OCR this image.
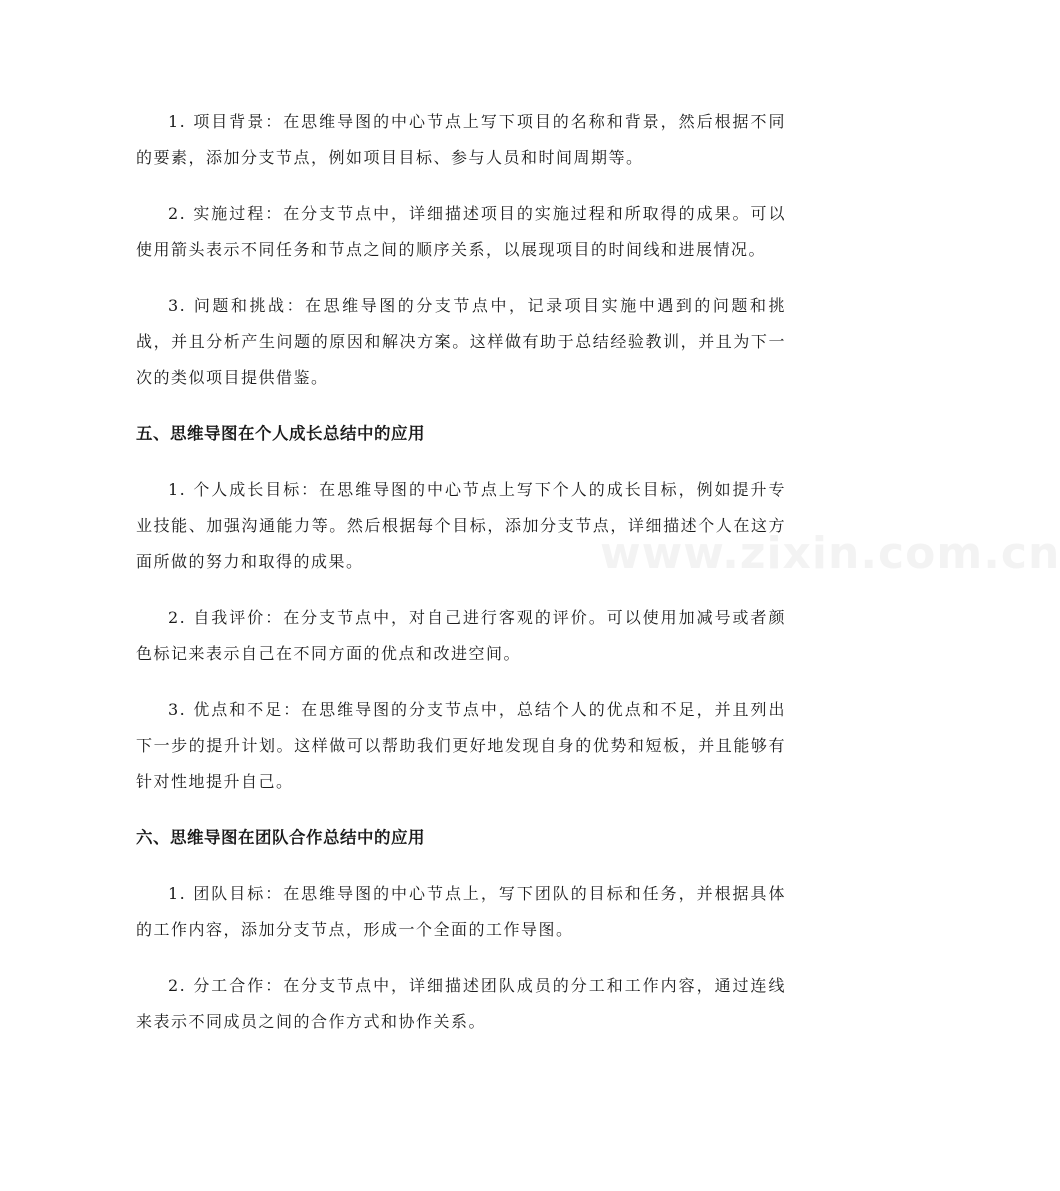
1. 项目背景：在思维导图的中心节点上写下项目的名称和背景，然后根据不同的要素，添加分支节点，例如项目目标、参与人员和时间周期等。

2. 实施过程：在分支节点中，详细描述项目的实施过程和所取得的成果。可以使用箭头表示不同任务和节点之间的顺序关系，以展现项目的时间线和进展情况。

3. 问题和挑战：在思维导图的分支节点中，记录项目实施中遇到的问题和挑战，并且分析产生问题的原因和解决方案。这样做有助于总结经验教训，并且为下一次的类似项目提供借鉴。

五、思维导图在个人成长总结中的应用

1. 个人成长目标：在思维导图的中心节点上写下个人的成长目标，例如提升专业技能、加强沟通能力等。然后根据每个目标，添加分支节点，详细描述个人在这方面所做的努力和取得的成果。

2. 自我评价：在分支节点中，对自己进行客观的评价。可以使用加减号或者颜色标记来表示自己在不同方面的优点和改进空间。

3. 优点和不足：在思维导图的分支节点中，总结个人的优点和不足，并且列出下一步的提升计划。这样做可以帮助我们更好地发现自身的优势和短板，并且能够有针对性地提升自己。

六、思维导图在团队合作总结中的应用

1. 团队目标：在思维导图的中心节点上，写下团队的目标和任务，并根据具体的工作内容，添加分支节点，形成一个全面的工作导图。

2. 分工合作：在分支节点中，详细描述团队成员的分工和工作内容，通过连线来表示不同成员之间的合作方式和协作关系。

www.zixin.com.cn
